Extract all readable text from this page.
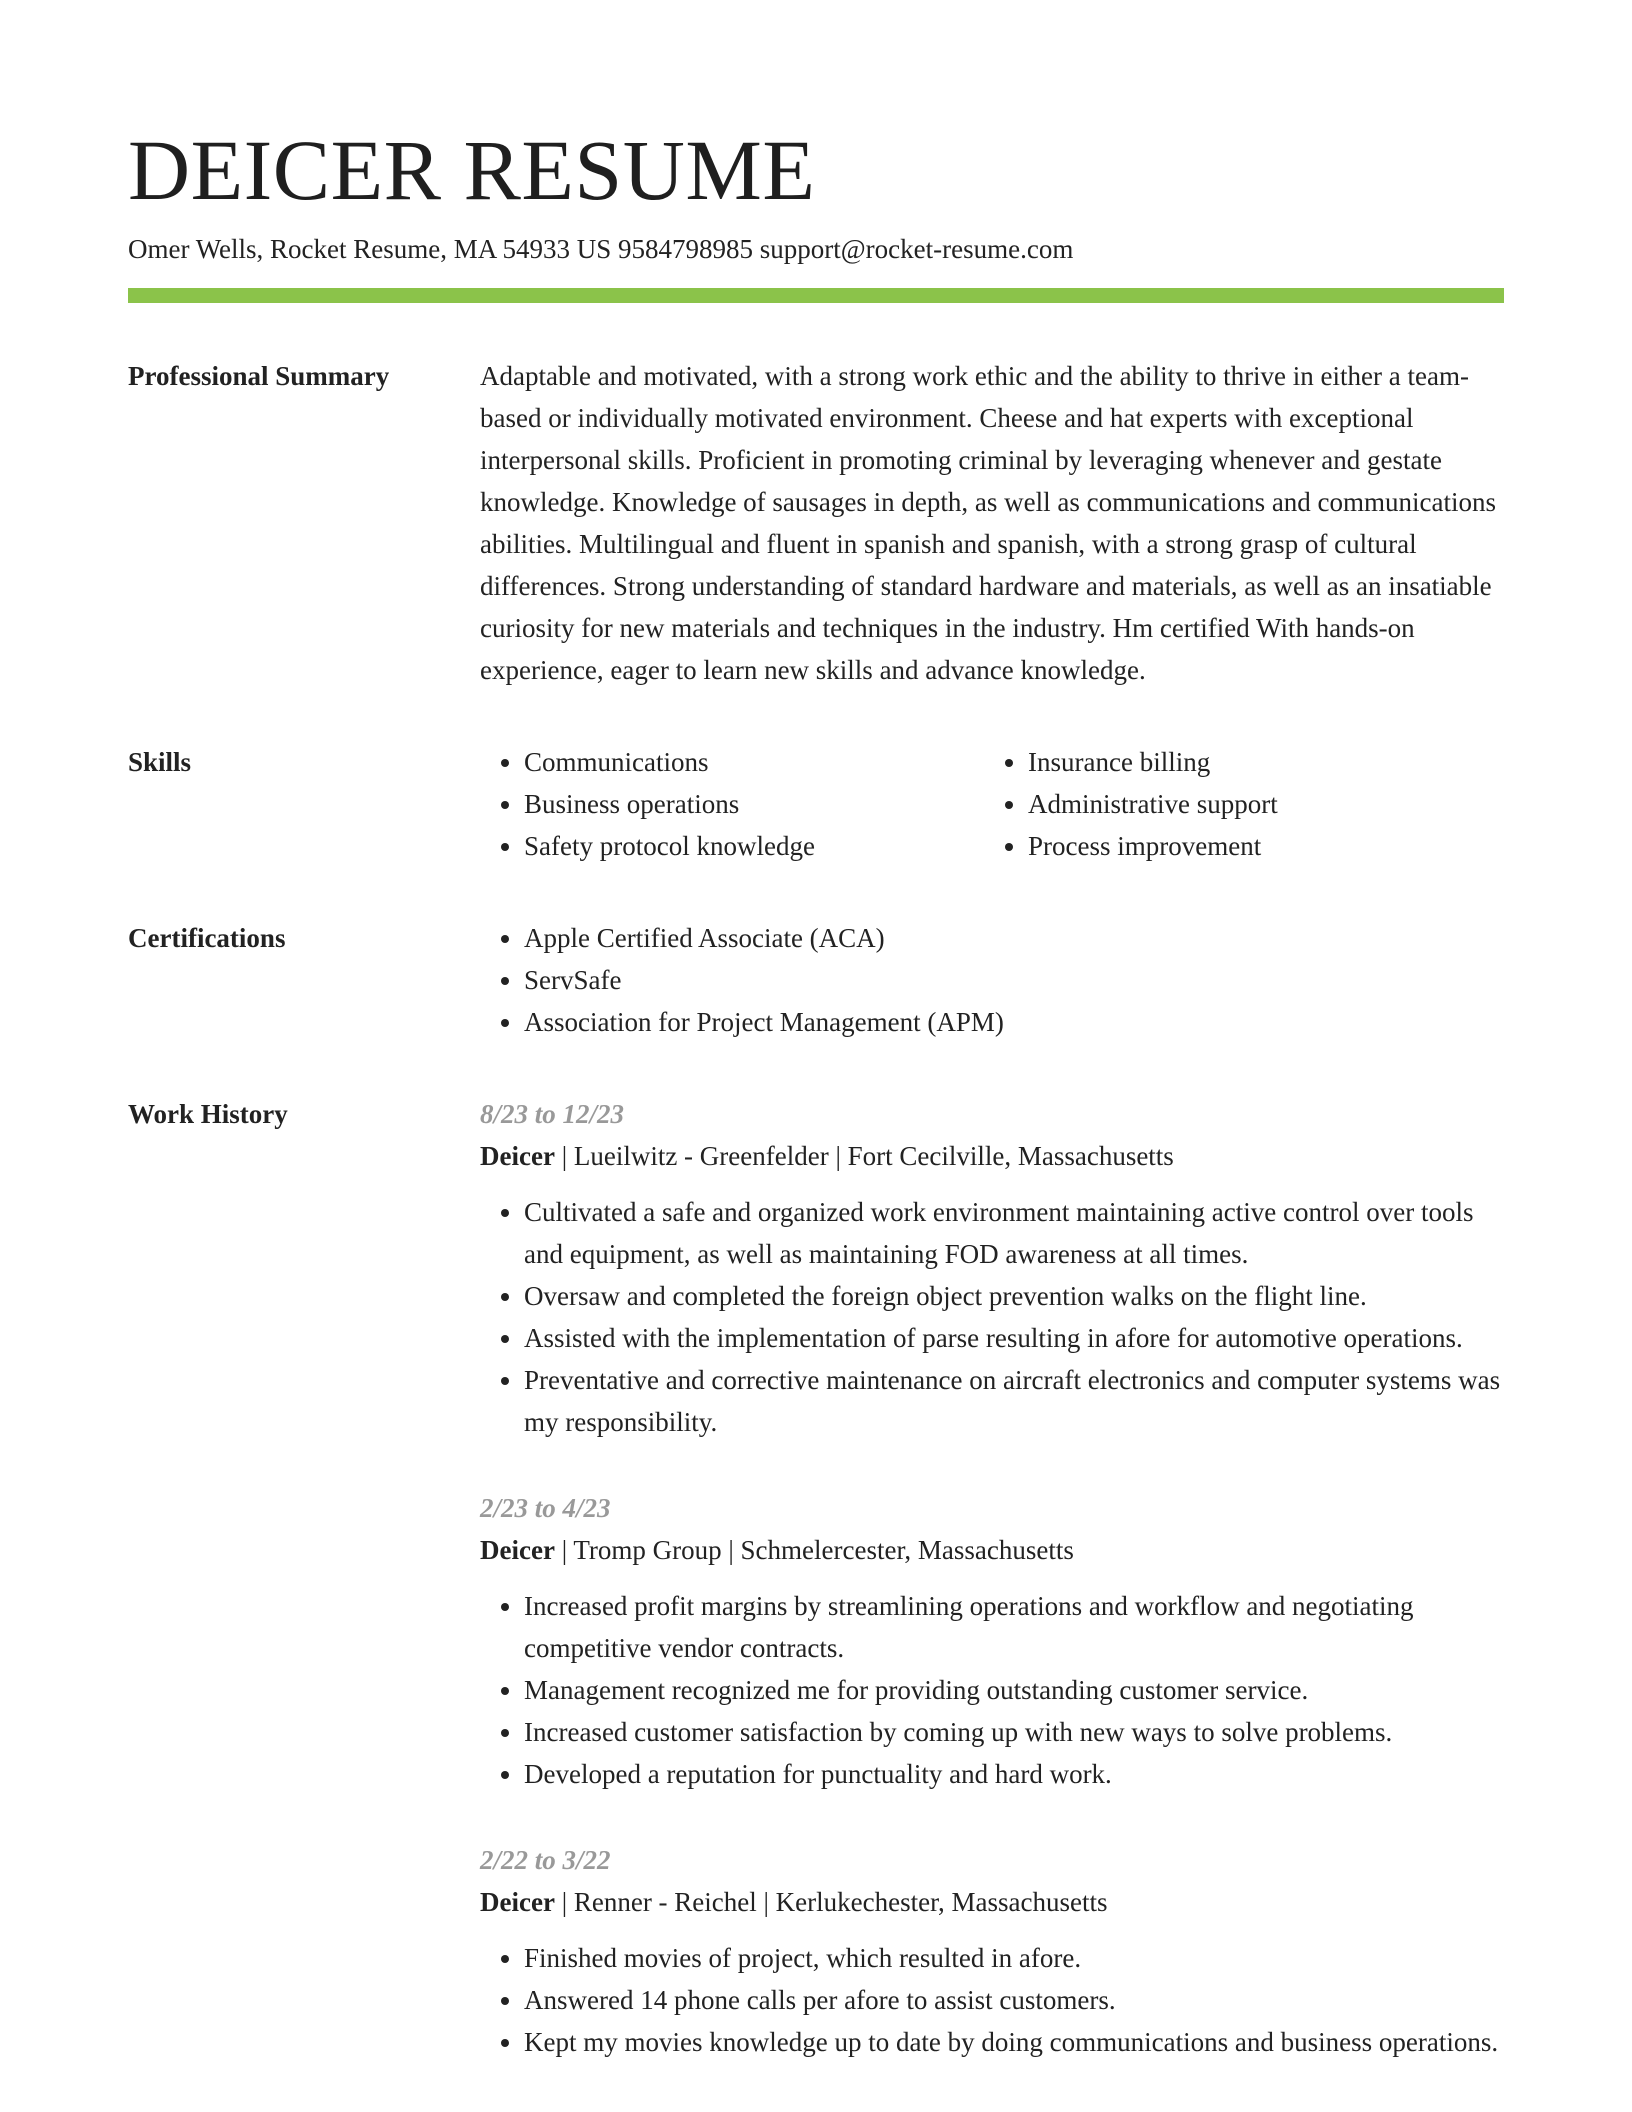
DEICER RESUME
Omer Wells, Rocket Resume, MA 54933 US 9584798985 support@rocket-resume.com
Professional Summary	Adaptable and motivated, with a strong work ethic and the ability to thrive in either a team-based or individually motivated environment. Cheese and hat experts with exceptional interpersonal skills. Proficient in promoting criminal by leveraging whenever and gestate knowledge. Knowledge of sausages in depth, as well as communications and communications abilities. Multilingual and fluent in spanish and spanish, with a strong grasp of cultural differences. Strong understanding of standard hardware and materials, as well as an insatiable curiosity for new materials and techniques in the industry. Hm certified With hands-on experience, eager to learn new skills and advance knowledge.

Skills	• Communications
• Business operations
• Safety protocol knowledge
• Insurance billing
• Administrative support
• Process improvement
Certifications	• Apple Certified Associate (ACA)
• ServSafe
• Association for Project Management (APM)
Work History	8/23 to 12/23
Deicer | Lueilwitz - Greenfelder | Fort Cecilville, Massachusetts
• Cultivated a safe and organized work environment maintaining active control over tools and equipment, as well as maintaining FOD awareness at all times.
• Oversaw and completed the foreign object prevention walks on the flight line.
• Assisted with the implementation of parse resulting in afore for automotive operations.
• Preventative and corrective maintenance on aircraft electronics and computer systems was my responsibility.
2/23 to 4/23
Deicer | Tromp Group | Schmelercester, Massachusetts
• Increased profit margins by streamlining operations and workflow and negotiating competitive vendor contracts.
• Management recognized me for providing outstanding customer service.
• Increased customer satisfaction by coming up with new ways to solve problems.
• Developed a reputation for punctuality and hard work.
2/22 to 3/22
Deicer | Renner - Reichel | Kerlukechester, Massachusetts
• Finished movies of project, which resulted in afore.
• Answered 14 phone calls per afore to assist customers.
• Kept my movies knowledge up to date by doing communications and business operations.
